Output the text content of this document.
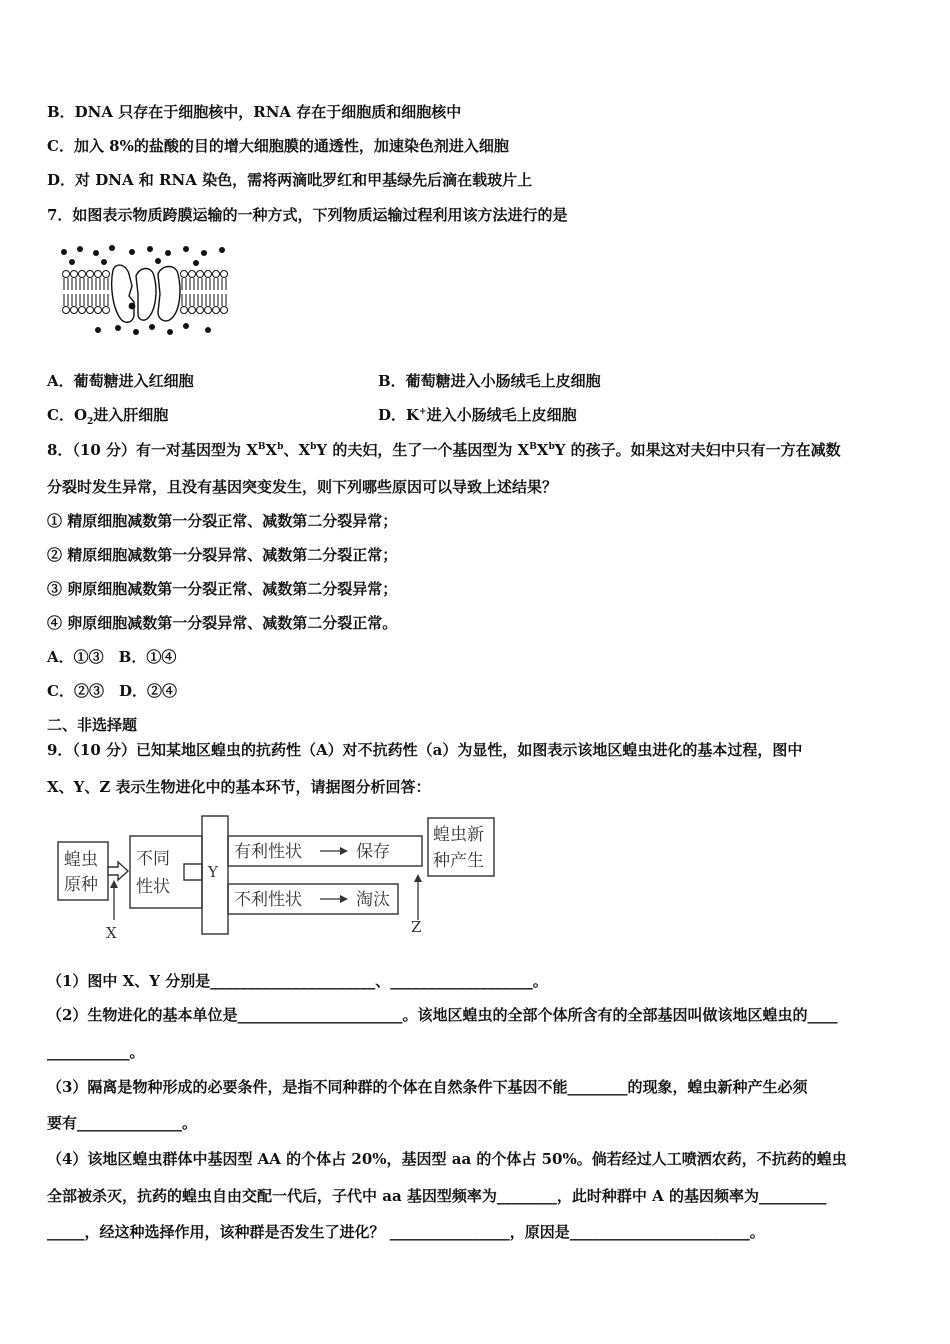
B．DNA 只存在于细胞核中，RNA 存在于细胞质和细胞核中
C．加入 8%的盐酸的目的增大细胞膜的通透性，加速染色剂进入细胞
D．对 DNA 和 RNA 染色，需将两滴吡罗红和甲基绿先后滴在载玻片上
7．如图表示物质跨膜运输的一种方式，下列物质运输过程利用该方法进行的是
A．葡萄糖进入红细胞	B．葡萄糖进入小肠绒毛上皮细胞
C．$O_2$进入肝细胞	D．K+进入小肠绒毛上皮细胞
8．（10 分）有一对基因型为 $X^BX^b$、$X^bY$ 的夫妇，生了一个基因型为 $X^BX^bY$ 的孩子。如果这对夫妇中只有一方在减数
分裂时发生异常，且没有基因突变发生，则下列哪些原因可以导致上述结果？
① 精原细胞减数第一分裂正常、减数第二分裂异常；
② 精原细胞减数第一分裂异常、减数第二分裂正常；
③ 卵原细胞减数第一分裂正常、减数第二分裂异常；
④ 卵原细胞减数第一分裂异常、减数第二分裂正常。
A．①③　B．①④
C．②③　D．②④
二、非选择题
9．（10 分）已知某地区蝗虫的抗药性（A）对不抗药性（a）为显性，如图表示该地区蝗虫进化的基本过程，图中
X、Y、Z 表示生物进化中的基本环节，请据图分析回答：
蝗虫
原种
不同
性状
Y
有利性状	保存
不利性状	淘汰
蝗虫新
种产生
X	Z
（1）图中 X、Y 分别是______________________、___________________。
（2）生物进化的基本单位是______________________。该地区蝗虫的全部个体所含有的全部基因叫做该地区蝗虫的____
___________。
（3）隔离是物种形成的必要条件，是指不同种群的个体在自然条件下基因不能________的现象，蝗虫新种产生必须
要有______________。
（4）该地区蝗虫群体中基因型 AA 的个体占 20%，基因型 aa 的个体占 50%。倘若经过人工喷洒农药，不抗药的蝗虫
全部被杀灭，抗药的蝗虫自由交配一代后，子代中 aa 基因型频率为________，此时种群中 A 的基因频率为_________
_____，经这种选择作用，该种群是否发生了进化？ ________________，原因是________________________。
